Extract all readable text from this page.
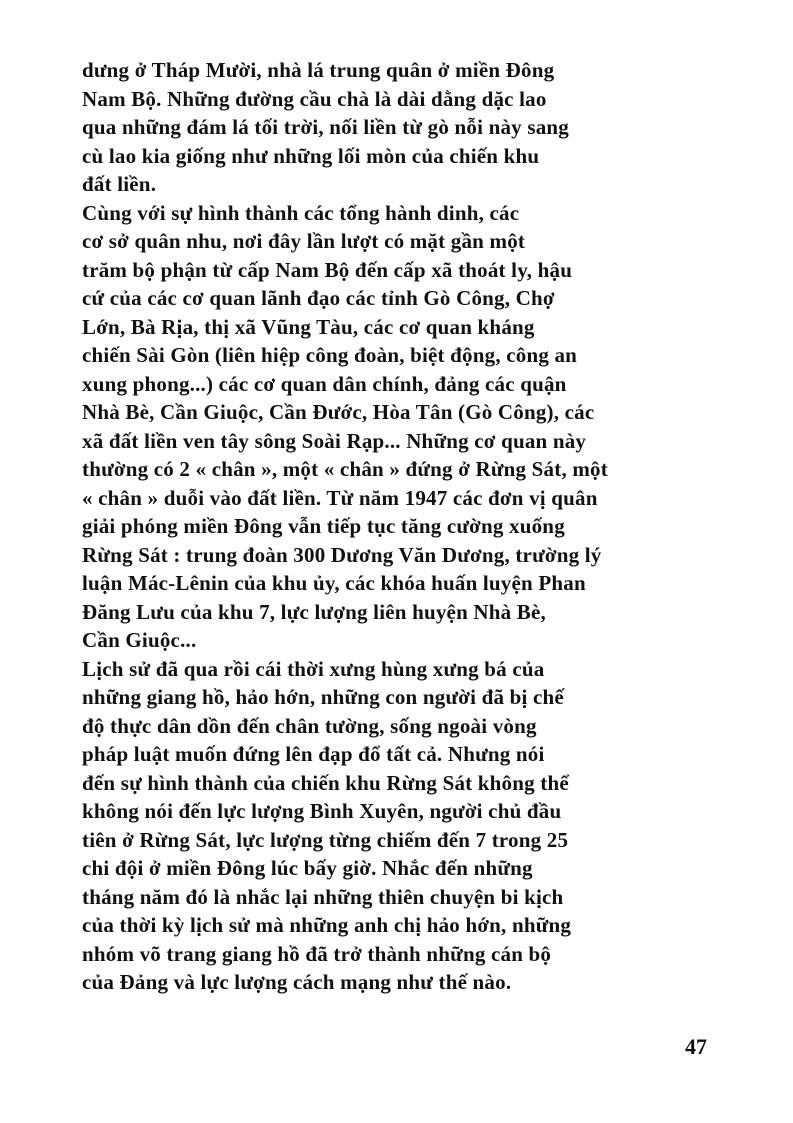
dưng ở Tháp Mười, nhà lá trung quân ở miền Đông
Nam Bộ. Những đường cầu chà là dài dằng dặc lao
qua những đám lá tối trời, nối liền từ gò nỗi này sang
cù lao kia giống như những lối mòn của chiến khu
đất liền.

Cùng với sự hình thành các tổng hành dinh, các
cơ sở quân nhu, nơi đây lần lượt có mặt gần một
trăm bộ phận từ cấp Nam Bộ đến cấp xã thoát ly, hậu
cứ của các cơ quan lãnh đạo các tỉnh Gò Công, Chợ
Lớn, Bà Rịa, thị xã Vũng Tàu, các cơ quan kháng
chiến Sài Gòn (liên hiệp công đoàn, biệt động, công an
xung phong...) các cơ quan dân chính, đảng các quận
Nhà Bè, Cần Giuộc, Cần Đước, Hòa Tân (Gò Công), các
xã đất liền ven tây sông Soài Rạp... Những cơ quan này
thường có 2 « chân », một « chân » đứng ở Rừng Sát, một
« chân » duỗi vào đất liền. Từ năm 1947 các đơn vị quân
giải phóng miền Đông vẫn tiếp tục tăng cường xuống
Rừng Sát : trung đoàn 300 Dương Văn Dương, trường lý
luận Mác-Lênin của khu ủy, các khóa huấn luyện Phan
Đăng Lưu của khu 7, lực lượng liên huyện Nhà Bè,
Cần Giuộc...

Lịch sử đã qua rồi cái thời xưng hùng xưng bá của
những giang hồ, hảo hớn, những con người đã bị chế
độ thực dân dồn đến chân tường, sống ngoài vòng
pháp luật muốn đứng lên đạp đổ tất cả. Nhưng nói
đến sự hình thành của chiến khu Rừng Sát không thể
không nói đến lực lượng Bình Xuyên, người chủ đầu
tiên ở Rừng Sát, lực lượng từng chiếm đến 7 trong 25
chi đội ở miền Đông lúc bấy giờ. Nhắc đến những
tháng năm đó là nhắc lại những thiên chuyện bi kịch
của thời kỳ lịch sử mà những anh chị hảo hớn, những
nhóm võ trang giang hồ đã trở thành những cán bộ
của Đảng và lực lượng cách mạng như thế nào.

47
